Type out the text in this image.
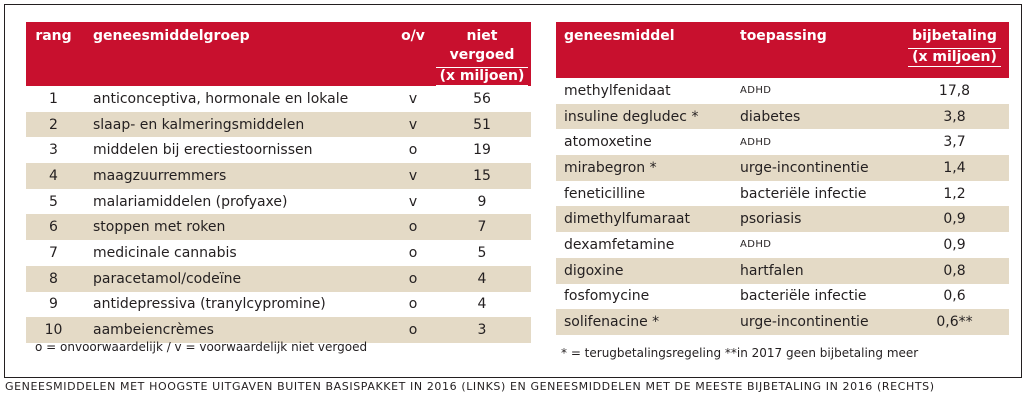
rang	geneesmiddelgroep	o/v	niet vergoed
(x miljoen)
1	anticonceptiva, hormonale en lokale	v	56
2	slaap- en kalmeringsmiddelen	v	51
3	middelen bij erectiestoornissen	o	19
4	maagzuurremmers	v	15
5	malariamiddelen (profyaxe)	v	9
6	stoppen met roken	o	7
7	medicinale cannabis	o	5
8	paracetamol/codeïne	o	4
9	antidepressiva (tranylcypromine)	o	4
10	aambeiencrèmes	o	3
o = onvoorwaardelijk / v = voorwaardelijk niet vergoed
geneesmiddel	toepassing	bijbetaling
(x miljoen)
methylfenidaat	ADHD	17,8
insuline degludec *	diabetes	3,8
atomoxetine	ADHD	3,7
mirabegron *	urge-incontinentie	1,4
feneticilline	bacteriële infectie	1,2
dimethylfumaraat	psoriasis	0,9
dexamfetamine	ADHD	0,9
digoxine	hartfalen	0,8
fosfomycine	bacteriële infectie	0,6
solifenacine *	urge-incontinentie	0,6**
* = terugbetalingsregeling **in 2017 geen bijbetaling meer
GENEESMIDDELEN MET HOOGSTE UITGAVEN BUITEN BASISPAKKET IN 2016 (LINKS) EN GENEESMIDDELEN MET DE MEESTE BIJBETALING IN 2016 (RECHTS)
